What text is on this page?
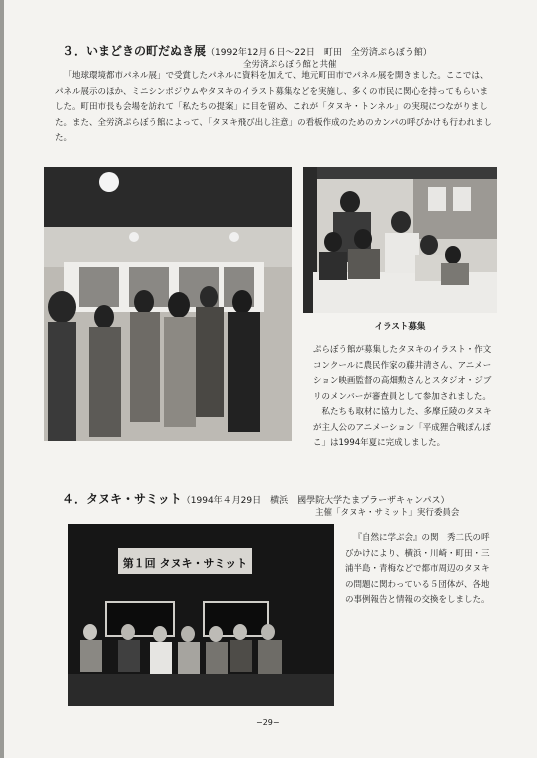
３．いまどきの町だぬき展（1992年12月６日〜22日　町田　全労済ぷらぼう館）
全労済ぷらぼう館と共催

「地球環境都市パネル展」で受賞したパネルに資料を加えて、地元町田市でパネル展を開きました。ここでは、パネル展示のほか、ミニシンポジウムやタヌキのイラスト募集などを実施し、多くの市民に関心を持ってもらいました。町田市長も会場を訪れて「私たちの提案」に目を留め、これが「タヌキ・トンネル」の実現につながりました。また、全労済ぷらぼう館によって、「タヌキ飛び出し注意」の看板作成のためのカンパの呼びかけも行われました。

イラスト募集

ぷらぼう館が募集したタヌキのイラスト・作文コンクールに農民作家の藤井清さん、アニメーション映画監督の高畑勲さんとスタジオ・ジブリのメンバーが審査員として参加されました。

私たちも取材に協力した、多摩丘陵のタヌキが主人公のアニメーション「平成狸合戦ぽんぽこ」は1994年夏に完成しました。

４．タヌキ・サミット（1994年４月29日　横浜　國學院大学たまプラーザキャンパス）
主催「タヌキ・サミット」実行委員会
第１回 タヌキ・サミット

『自然に学ぶ会』の関　秀二氏の呼びかけにより、横浜・川崎・町田・三浦半島・青梅などで都市周辺のタヌキの問題に関わっている５団体が、各地の事例報告と情報の交換をしました。

−29−
